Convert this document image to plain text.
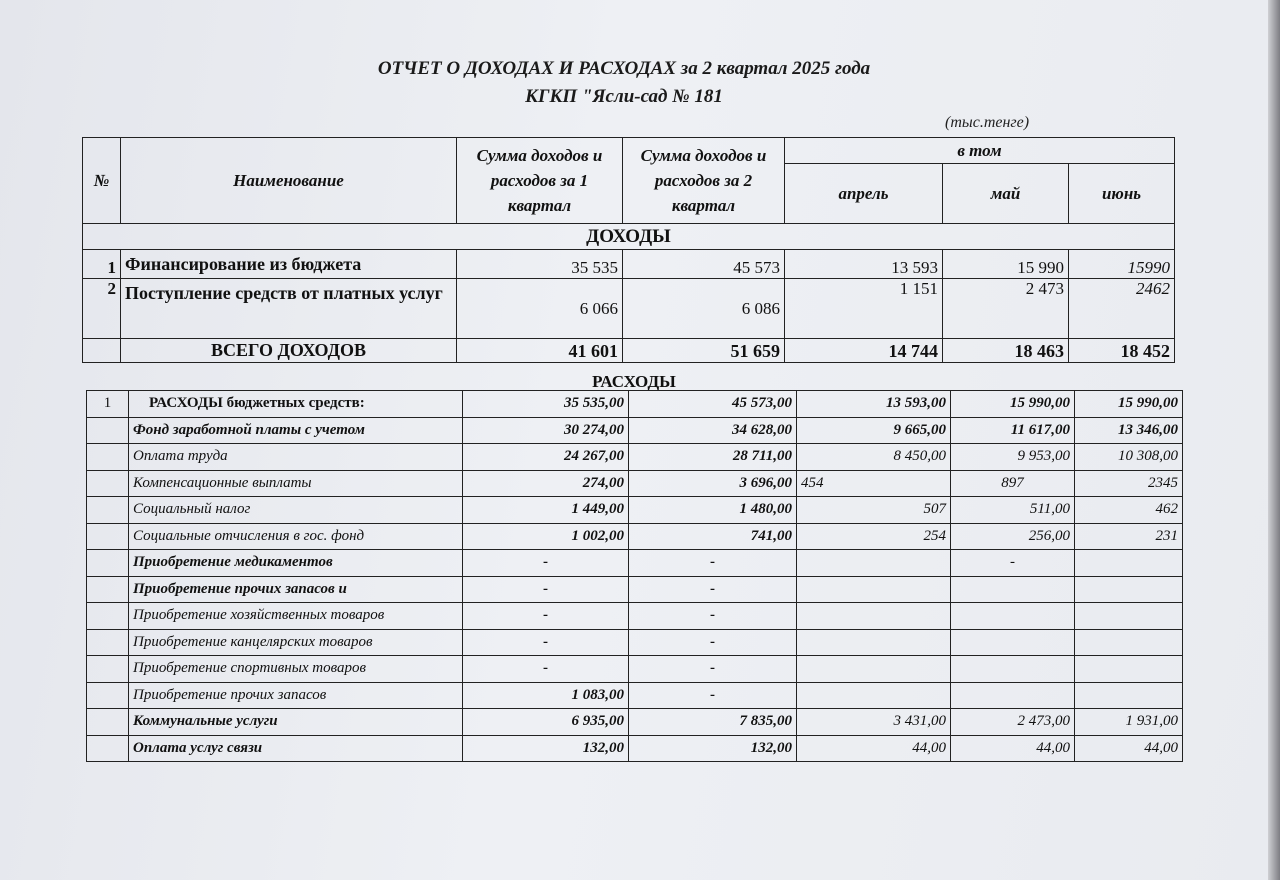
ОТЧЕТ О ДОХОДАХ И РАСХОДАХ за 2 квартал 2025 года
КГКП "Ясли-сад № 181
(тыс.тенге)
№	Наименование	Сумма доходов и расходов за 1 квартал	Сумма доходов и расходов за 2 квартал	в том		
				апрель	май	июнь
ДОХОДЫ						
1	Финансирование из бюджета	35 535	45 573	13 593	15 990	15990
2	Поступление средств от платных услуг	6 066	6 086	1 151	2 473	2462
	ВСЕГО ДОХОДОВ	41 601	51 659	14 744	18 463	18 452
РАСХОДЫ
1	РАСХОДЫ бюджетных средств:	35 535,00	45 573,00	13 593,00	15 990,00	15 990,00
	Фонд заработной платы с учетом	30 274,00	34 628,00	9 665,00	11 617,00	13 346,00
	Оплата труда	24 267,00	28 711,00	8 450,00	9 953,00	10 308,00
	Компенсационные выплаты	274,00	3 696,00	454	897	2345
	Социальный налог	1 449,00	1 480,00	507	511,00	462
	Социальные отчисления в гос. фонд	1 002,00	741,00	254	256,00	231
	Приобретение медикаментов	-	-		-	
	Приобретение прочих запасов и	-	-			
	Приобретение хозяйственных товаров	-	-			
	Приобретение канцелярских товаров	-	-			
	Приобретение спортивных товаров	-	-			
	Приобретение прочих запасов	1 083,00	-			
	Коммунальные услуги	6 935,00	7 835,00	3 431,00	2 473,00	1 931,00
	Оплата услуг связи	132,00	132,00	44,00	44,00	44,00
